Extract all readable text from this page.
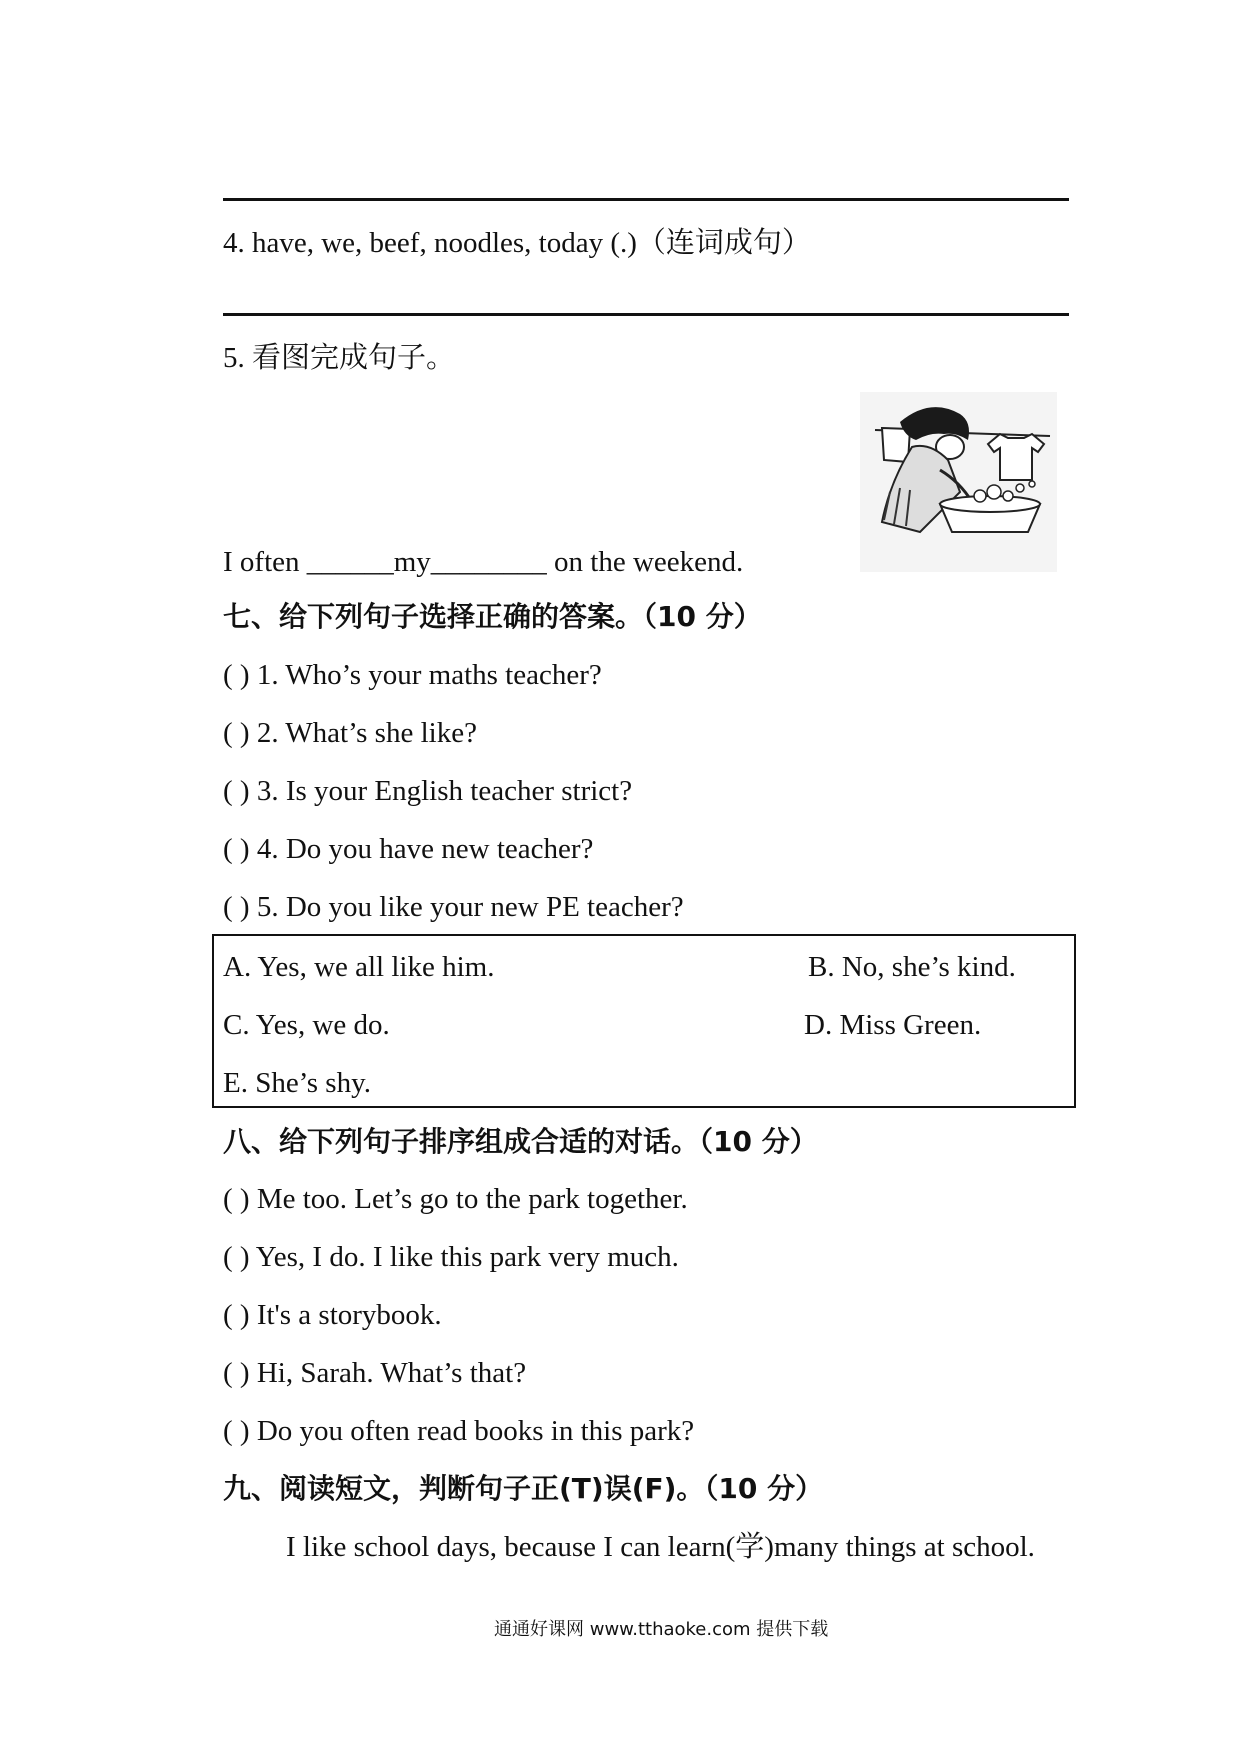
4. have, we, beef, noodles, today (.)（连词成句）
5. 看图完成句子。
I often ______my________ on the weekend.
七、给下列句子选择正确的答案。（10 分）
( ) 1. Who’s your maths teacher?
( ) 2. What’s she like?
( ) 3. Is your English teacher strict?
( ) 4. Do you have new teacher?
( ) 5. Do you like your new PE teacher?
A. Yes, we all like him.	B. No, she’s kind.
C. Yes, we do.	D. Miss Green.
E. She’s shy.
八、给下列句子排序组成合适的对话。（10 分）
( ) Me too. Let’s go to the park together.
( ) Yes, I do. I like this park very much.
( ) It's a storybook.
( ) Hi, Sarah. What’s that?
( ) Do you often read books in this park?
九、阅读短文，判断句子正(T)误(F)。（10 分）
I like school days, because I can learn(学)many things at school.
通通好课网 www.tthaoke.com 提供下载
